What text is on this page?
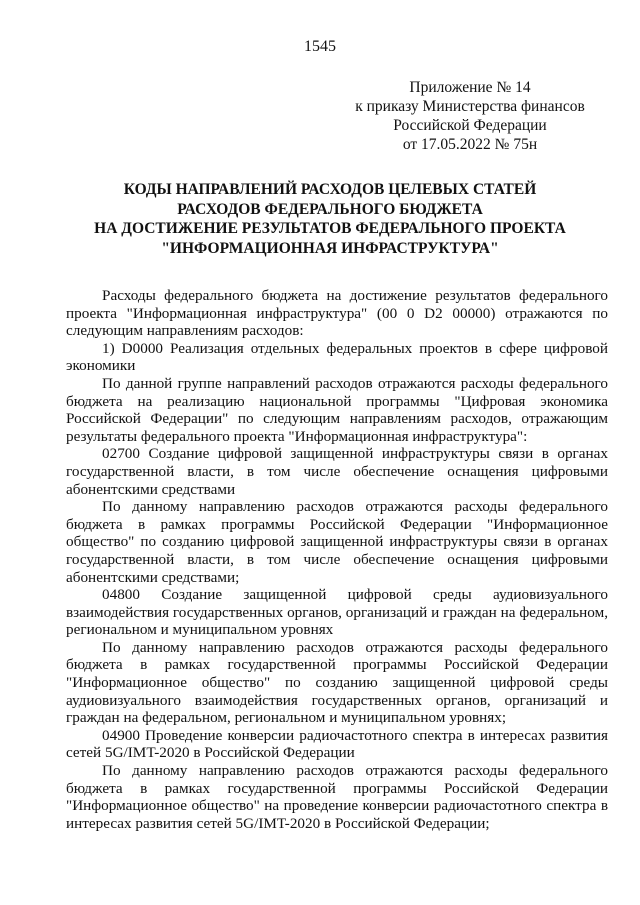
1545
Приложение № 14
к приказу Министерства финансов
Российской Федерации
от 17.05.2022 № 75н
КОДЫ НАПРАВЛЕНИЙ РАСХОДОВ ЦЕЛЕВЫХ СТАТЕЙ
РАСХОДОВ ФЕДЕРАЛЬНОГО БЮДЖЕТА
НА ДОСТИЖЕНИЕ РЕЗУЛЬТАТОВ ФЕДЕРАЛЬНОГО ПРОЕКТА
"ИНФОРМАЦИОННАЯ ИНФРАСТРУКТУРА"

Расходы федерального бюджета на достижение результатов федерального проекта "Информационная инфраструктура" (00 0 D2 00000) отражаются по следующим направлениям расходов:

1) D0000 Реализация отдельных федеральных проектов в сфере цифровой экономики

По данной группе направлений расходов отражаются расходы федерального бюджета на реализацию национальной программы "Цифровая экономика Российской Федерации" по следующим направлениям расходов, отражающим результаты федерального проекта "Информационная инфраструктура":

02700 Создание цифровой защищенной инфраструктуры связи в органах государственной власти, в том числе обеспечение оснащения цифровыми абонентскими средствами

По данному направлению расходов отражаются расходы федерального бюджета в рамках программы Российской Федерации "Информационное общество" по созданию цифровой защищенной инфраструктуры связи в органах государственной власти, в том числе обеспечение оснащения цифровыми абонентскими средствами;

04800 Создание защищенной цифровой среды аудиовизуального взаимодействия государственных органов, организаций и граждан на федеральном, региональном и муниципальном уровнях

По данному направлению расходов отражаются расходы федерального бюджета в рамках государственной программы Российской Федерации "Информационное общество" по созданию защищенной цифровой среды аудиовизуального взаимодействия государственных органов, организаций и граждан на федеральном, региональном и муниципальном уровнях;

04900 Проведение конверсии радиочастотного спектра в интересах развития сетей 5G/IMT-2020 в Российской Федерации

По данному направлению расходов отражаются расходы федерального бюджета в рамках государственной программы Российской Федерации "Информационное общество" на проведение конверсии радиочастотного спектра в интересах развития сетей 5G/IMT-2020 в Российской Федерации;
